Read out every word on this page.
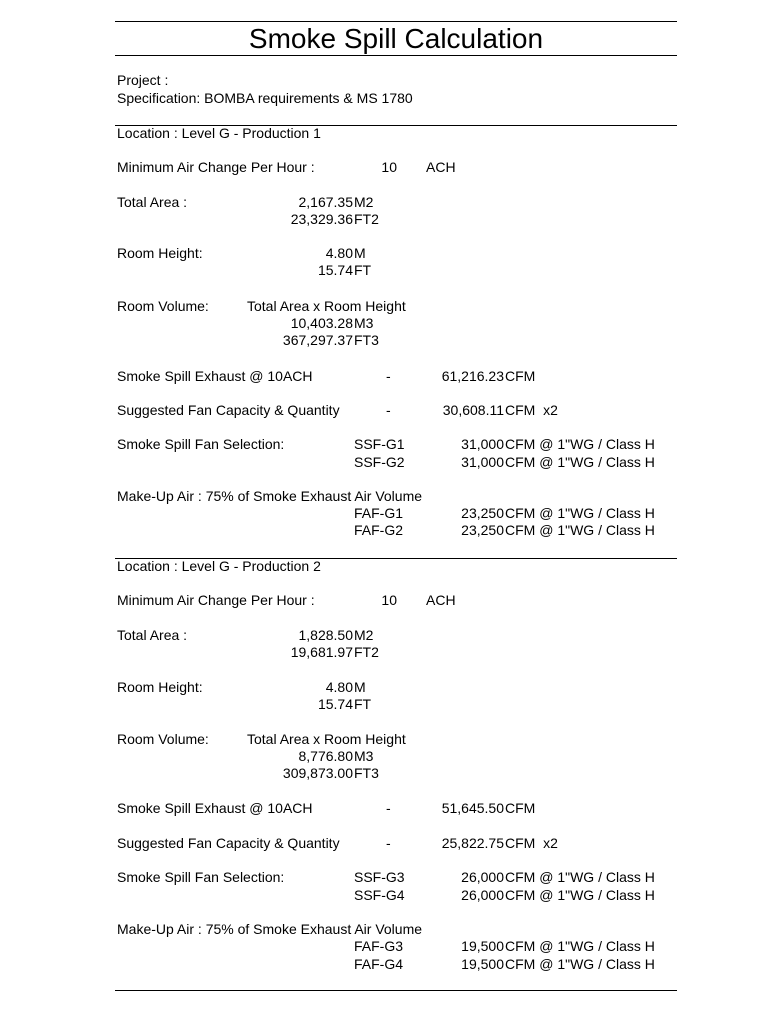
Smoke Spill Calculation
Project :
Specification: BOMBA requirements & MS 1780
Location : Level G - Production 1
Minimum Air Change Per Hour :	10 ACH
Total Area :	2,167.35 M2
23,329.36 FT2
Room Height:	4.80 M
15.74 FT
Room Volume:	Total Area x Room Height
10,403.28 M3
367,297.37 FT3
Smoke Spill Exhaust @ 10ACH	-	61,216.23 CFM
Suggested Fan Capacity & Quantity	-	30,608.11 CFM  x2
Smoke Spill Fan Selection:	SSF-G1	31,000 CFM @ 1"WG / Class H
SSF-G2	31,000 CFM @ 1"WG / Class H
Make-Up Air : 75% of Smoke Exhaust Air Volume
FAF-G1	23,250 CFM @ 1"WG / Class H
FAF-G2	23,250 CFM @ 1"WG / Class H
Location : Level G - Production 2
Minimum Air Change Per Hour :	10 ACH
Total Area :	1,828.50 M2
19,681.97 FT2
Room Height:	4.80 M
15.74 FT
Room Volume:	Total Area x Room Height
8,776.80 M3
309,873.00 FT3
Smoke Spill Exhaust @ 10ACH	-	51,645.50 CFM
Suggested Fan Capacity & Quantity	-	25,822.75 CFM  x2
Smoke Spill Fan Selection:	SSF-G3	26,000 CFM @ 1"WG / Class H
SSF-G4	26,000 CFM @ 1"WG / Class H
Make-Up Air : 75% of Smoke Exhaust Air Volume
FAF-G3	19,500 CFM @ 1"WG / Class H
FAF-G4	19,500 CFM @ 1"WG / Class H
